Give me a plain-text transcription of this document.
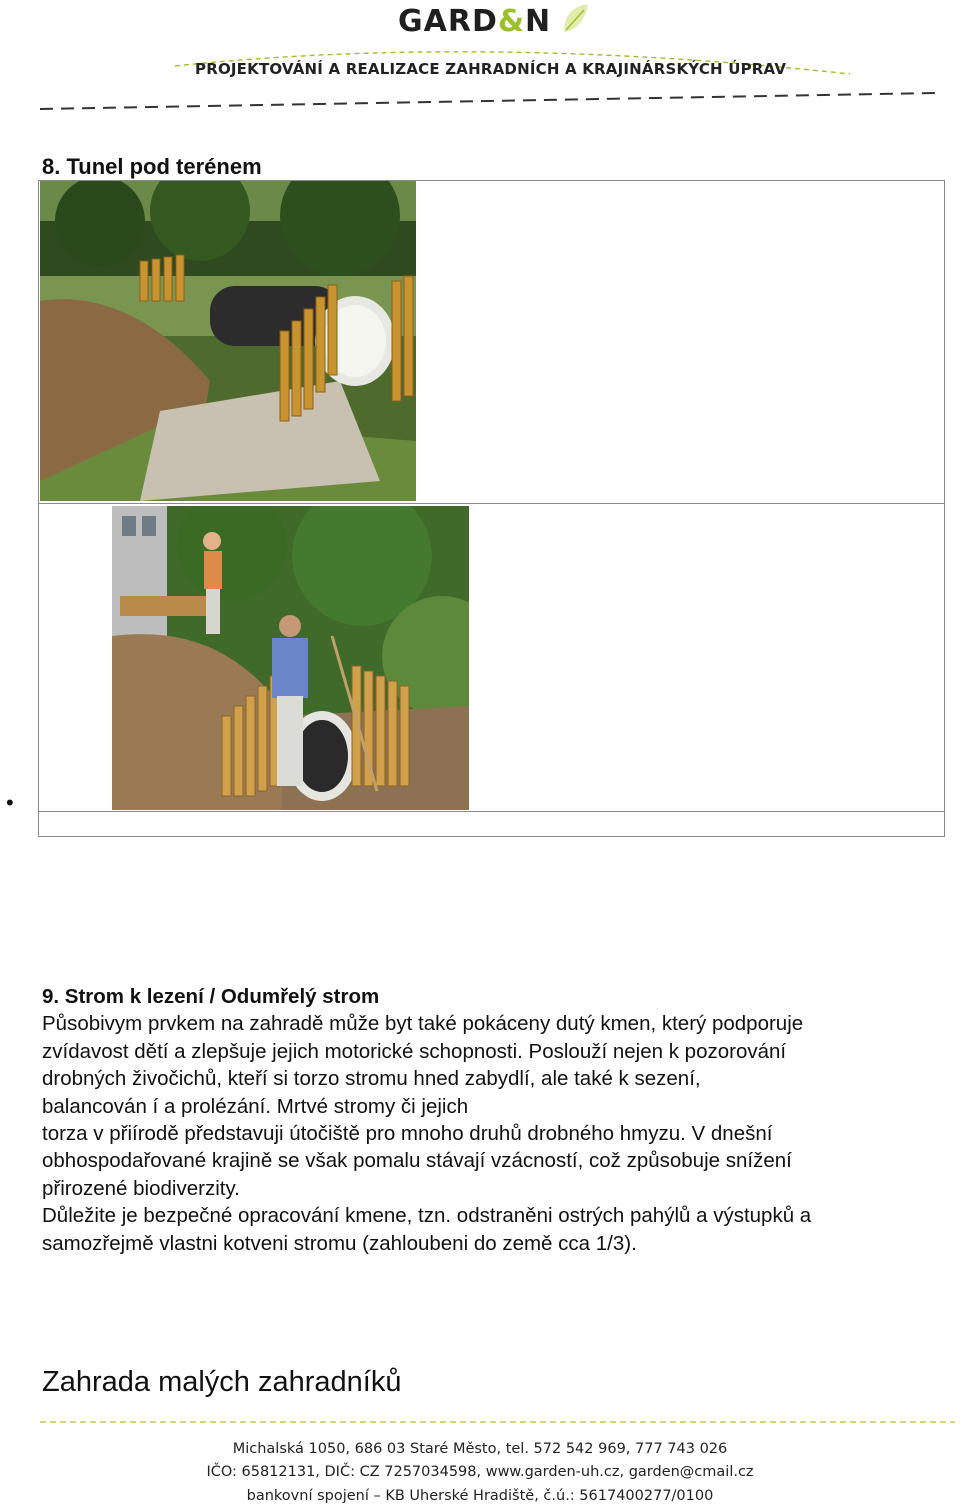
GARD&N
PROJEKTOVÁNÍ A REALIZACE ZAHRADNÍCH A KRAJINÁRSKÝCH ÚPRAV
8. Tunel pod terénem
•
9. Strom k lezení / Odumřelý strom

Působivym prvkem na zahradě může byt také pokáceny dutý kmen, který podporuje

zvídavost dětí a zlepšuje jejich motorické schopnosti. Poslouží nejen k pozorování

drobných živočichů, kteří si torzo stromu hned zabydlí, ale také k sezení,

balancován í a prolézání. Mrtvé stromy či jejich

torza v přiírodě představuji útočiště pro mnoho druhů drobného hmyzu. V dnešní

obhospodařované krajině se však pomalu stávají vzácností, což způsobuje snížení

přirozené biodiverzity.

Důležite je bezpečné opracování kmene, tzn. odstraněni ostrých pahýlů a výstupků a

samozřejmě vlastni kotveni stromu (zahloubeni do země cca 1/3).

Zahrada malých zahradníků
Michalská 1050, 686 03 Staré Město, tel. 572 542 969, 777 743 026
IČO: 65812131, DIČ: CZ 7257034598, www.garden-uh.cz, garden@cmail.cz
bankovní spojení – KB Uherské Hradiště, č.ú.: 5617400277/0100
